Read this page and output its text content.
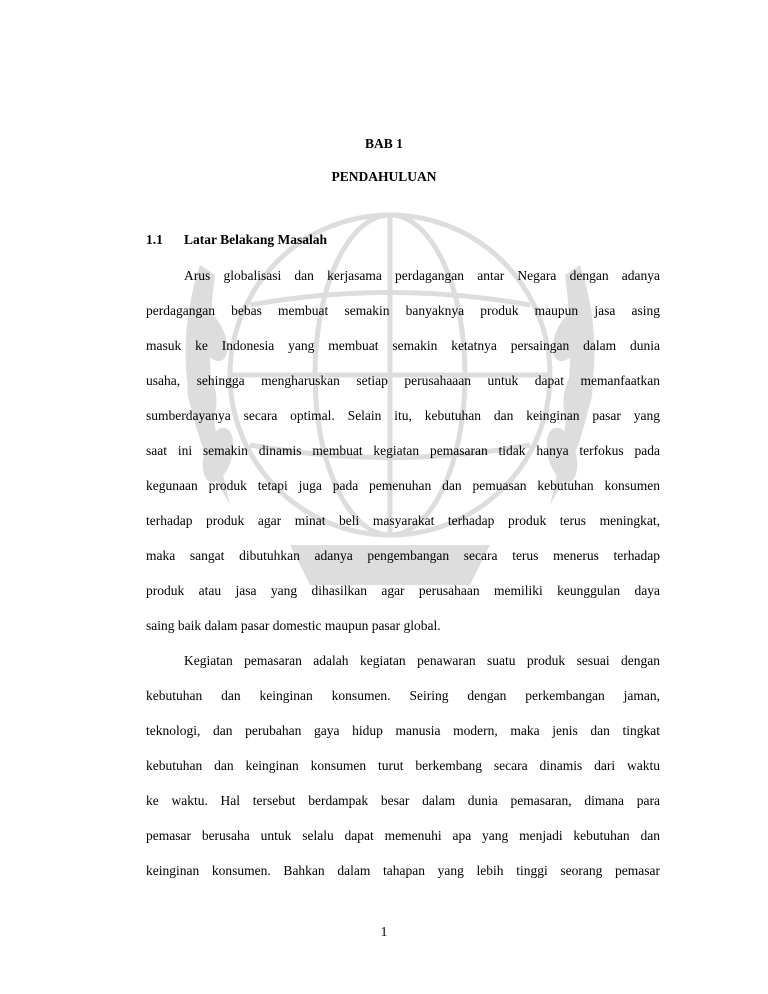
BAB 1
PENDAHULUAN
1.1 Latar Belakang Masalah
Arus globalisasi dan kerjasama perdagangan antar Negara dengan adanya
perdagangan bebas membuat semakin banyaknya produk maupun jasa asing
masuk ke Indonesia yang membuat semakin ketatnya persaingan dalam dunia
usaha, sehingga mengharuskan setiap perusahaaan untuk dapat memanfaatkan
sumberdayanya secara optimal. Selain itu, kebutuhan dan keinginan pasar yang
saat ini semakin dinamis membuat kegiatan pemasaran tidak hanya terfokus pada
kegunaan produk tetapi juga pada pemenuhan dan pemuasan kebutuhan konsumen
terhadap produk agar minat beli masyarakat terhadap produk terus meningkat,
maka sangat dibutuhkan adanya pengembangan secara terus menerus terhadap
produk atau jasa yang dihasilkan agar perusahaan memiliki keunggulan daya
saing baik dalam pasar domestic maupun pasar global.
Kegiatan pemasaran adalah kegiatan penawaran suatu produk sesuai dengan
kebutuhan dan keinginan konsumen. Seiring dengan perkembangan jaman,
teknologi, dan perubahan gaya hidup manusia modern, maka jenis dan tingkat
kebutuhan dan keinginan konsumen turut berkembang secara dinamis dari waktu
ke waktu. Hal tersebut berdampak besar dalam dunia pemasaran, dimana para
pemasar berusaha untuk selalu dapat memenuhi apa yang menjadi kebutuhan dan
keinginan konsumen. Bahkan dalam tahapan yang lebih tinggi seorang pemasar
1
